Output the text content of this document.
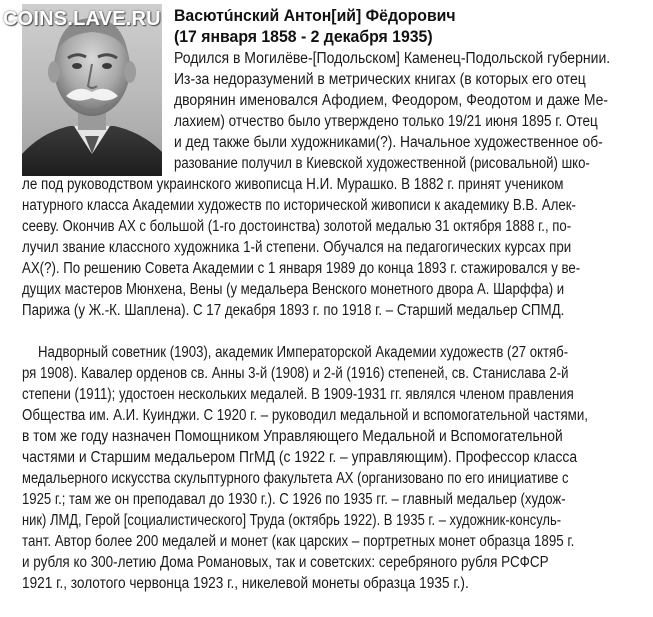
COINS.LAVE.RU Васютúнский Антон[ий] Фёдорович
(17 января 1858 - 2 декабря 1935)
Родился в Могилёве-[Подольском] Каменец-Подольской губернии.
Из-за недоразумений в метрических книгах (в которых его отец
дворянин именовался Афодием, Феодором, Феодотом и даже Ме-
лахием) отчество было утверждено только 19/21 июня 1895 г. Отец
и дед также были художниками(?). Начальное художественное об-
разование получил в Киевской художественной (рисовальной) шко-
ле под руководством украинского живописца Н.И. Мурашко. В 1882 г. принят учеником
натурного класса Академии художеств по исторической живописи к академику В.В. Алек-
сееву. Окончив АХ с большой (1-го достоинства) золотой медалью 31 октября 1888 г., по-
лучил звание классного художника 1-й степени. Обучался на педагогических курсах при
АХ(?). По решению Совета Академии с 1 января 1989 до конца 1893 г. стажировался у ве-
дущих мастеров Мюнхена, Вены (у медальера Венского монетного двора А. Шарффа) и
Парижа (у Ж.-К. Шаплена). С 17 декабря 1893 г. по 1918 г. – Старший медальер СПМД.
Надворный советник (1903), академик Императорской Академии художеств (27 октяб-
ря 1908). Кавалер орденов св. Анны 3-й (1908) и 2-й (1916) степеней, св. Станислава 2-й
степени (1911); удостоен нескольких медалей. В 1909-1931 гг. являлся членом правления
Общества им. А.И. Куинджи. С 1920 г. – руководил медальной и вспомогательной частями,
в том же году назначен Помощником Управляющего Медальной и Вспомогательной
частями и Старшим медальером ПгМД (с 1922 г. – управляющим). Профессор класса
медальерного искусства скульптурного факультета АХ (организовано по его инициативе с
1925 г.; там же он преподавал до 1930 г.). С 1926 по 1935 гг. – главный медальер (худож-
ник) ЛМД, Герой [социалистического] Труда (октябрь 1922). В 1935 г. – художник-консуль-
тант. Автор более 200 медалей и монет (как царских – портретных монет образца 1895 г.
и рубля ко 300-летию Дома Романовых, так и советских: серебряного рубля РСФСР
1921 г., золотого червонца 1923 г., никелевой монеты образца 1935 г.).
